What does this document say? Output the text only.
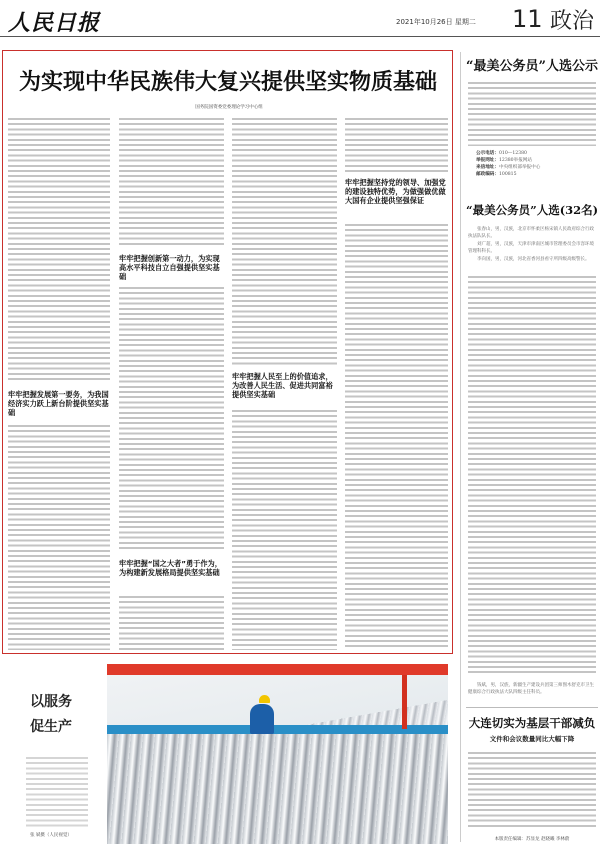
人民日报	2021年10月26日 星期二 11 政治
为实现中华民族伟大复兴提供坚实物质基础
国务院国资委党委理论学习中心组
牢牢把握发展第一要务，为我国经济实力跃上新台阶提供坚实基础
牢牢把握创新第一动力，为实现高水平科技自立自强提供坚实基础
牢牢把握“国之大者”勇于作为，为构建新发展格局提供坚实基础
牢牢把握人民至上的价值追求，为改善人民生活、促进共同富裕提供坚实基础
牢牢把握坚持党的领导、加强党的建设独特优势，为做强做优做大国有企业提供坚强保证
“最美公务员”人选公示
公示电话：010—12380
举报网址：12380举报网站
来信地址：中央组织部举报中心
邮政编码：100815
“最美公务员”人选(32名)
张春山，男，汉族，北京市怀柔区杨宋镇人民政府综合行政执法队队长。
刘广超，男，汉族，天津市津南区城市管理委员会市容环境管理科科长。
李向国，男，汉族，河北省香河县看守所四级高级警长。
钱斌，男，汉族，新疆生产建设兵团第三师图木舒克市卫生健康综合行政执法大队四级主任科员。
大连切实为基层干部减负
文件和会议数量同比大幅下降
本版责任编辑：苏显龙 赵晓曦 李林蔚
以服务
促生产
张 斌摄（人民视觉）
